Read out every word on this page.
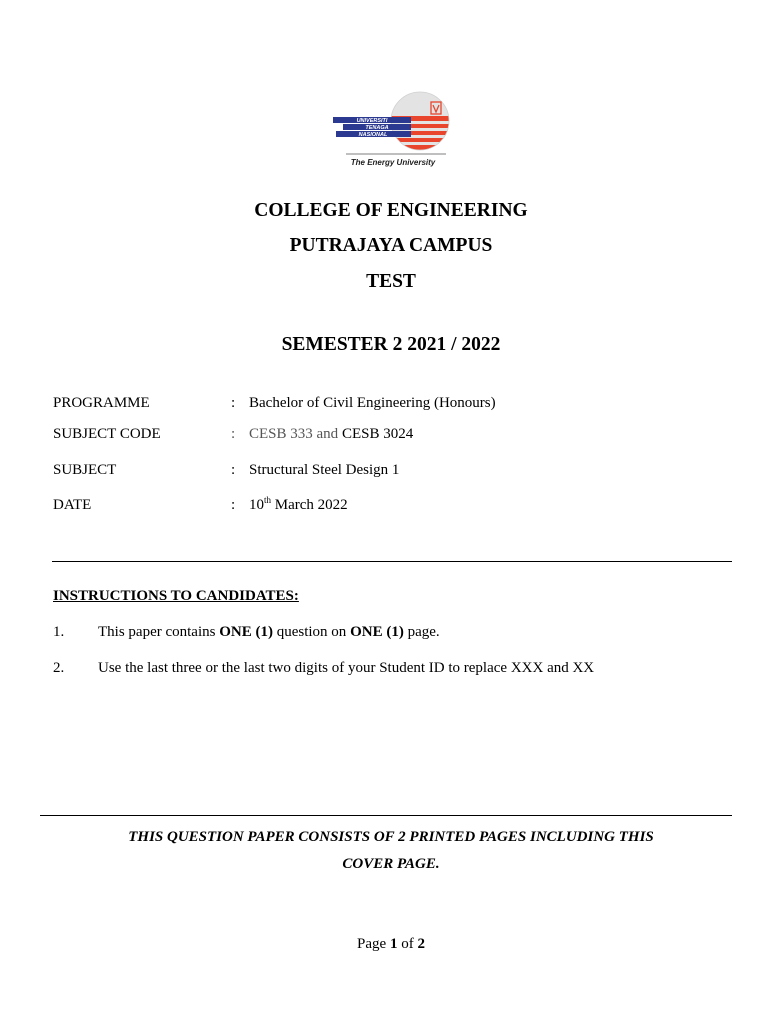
UNIVERSITI
TENAGA
NASIONAL
The Energy University
COLLEGE OF ENGINEERING
PUTRAJAYA CAMPUS
TEST
SEMESTER 2 2021 / 2022
PROGRAMME	: Bachelor of Civil Engineering (Honours)
SUBJECT CODE	: CESB 333 and CESB 3024
SUBJECT	: Structural Steel Design 1
DATE	: 10th March 2022
INSTRUCTIONS TO CANDIDATES:
1. This paper contains ONE (1) question on ONE (1) page.
2. Use the last three or the last two digits of your Student ID to replace XXX and XX
THIS QUESTION PAPER CONSISTS OF 2 PRINTED PAGES INCLUDING THIS
COVER PAGE.
Page 1 of 2
